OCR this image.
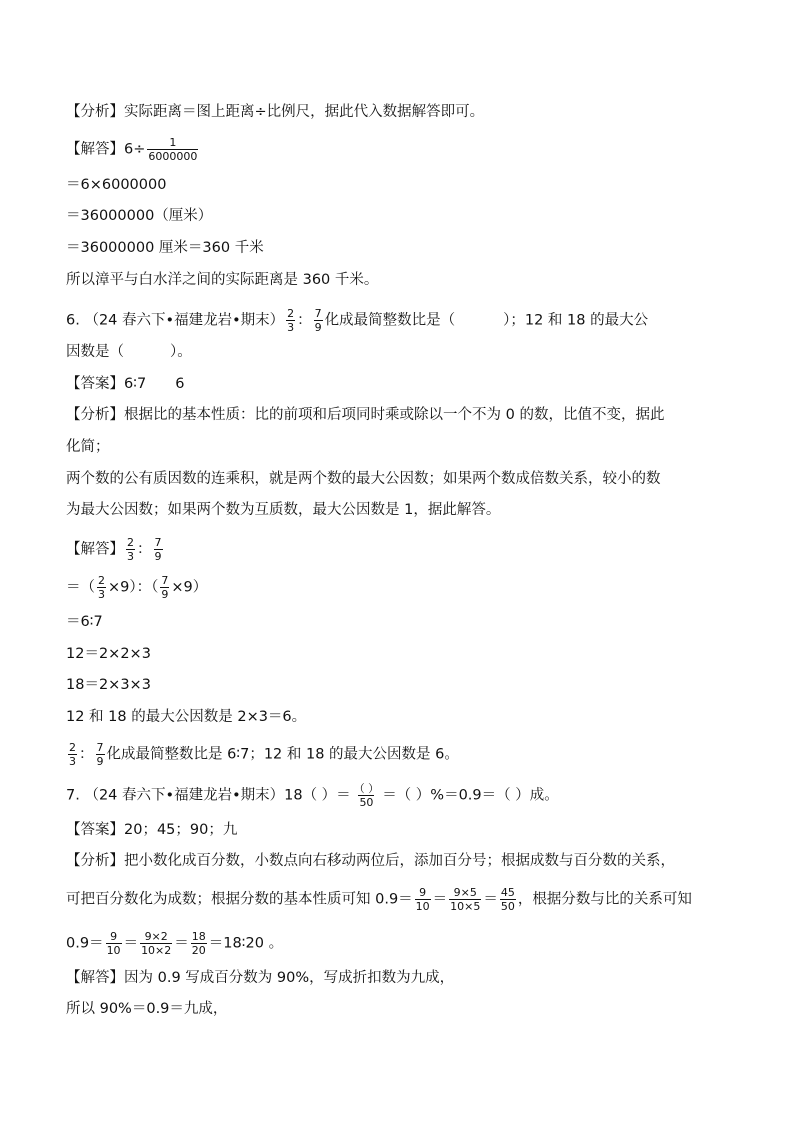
【分析】实际距离＝图上距离÷比例尺，据此代入数据解答即可。
【解答】$6\div \frac{1}{6000000}$
＝6×6000000
＝36000000（厘米）
＝36000000 厘米＝360 千米
所以漳平与白水洋之间的实际距离是 360 千米。
6. （24 春六下•福建龙岩•期末） $\frac{2}{3}$ ： $\frac{7}{9}$ 化成最简整数比是（	）；12 和 18 的最大公
因数是（	）。
【答案】6∶7　　6
【分析】根据比的基本性质：比的前项和后项同时乘或除以一个不为 0 的数，比值不变，据此
化简；
两个数的公有质因数的连乘积，就是两个数的最大公因数；如果两个数成倍数关系，较小的数
为最大公因数；如果两个数为互质数，最大公因数是 1，据此解答。
【解答】 $\frac{2}{3}$ ： $\frac{7}{9}$
＝（ $\frac{2}{3} \times 9$）：（ $\frac{7}{9} \times 9$）
＝6∶7
12＝2×2×3
18＝2×3×3
12 和 18 的最大公因数是 2×3＝6。
$\frac{2}{3}$ ： $\frac{7}{9}$ 化成最简整数比是 6∶7；12 和 18 的最大公因数是 6。
7. （24 春六下•福建龙岩•期末）18（ ）＝ $\frac{( )}{50}$ ＝（ ）%＝0.9＝（ ）成。
【答案】20；45；90；九
【分析】把小数化成百分数，小数点向右移动两位后，添加百分号；根据成数与百分数的关系，
可把百分数化为成数；根据分数的基本性质可知 $0.9= \frac{9}{10} = \frac{9\times 5}{10\times 5} = \frac{45}{50}$ ，根据分数与比的关系可知
$0.9= \frac{9}{10} = \frac{9\times 2}{10\times 2} = \frac{18}{20}$ ＝18∶20 。
【解答】因为 0.9 写成百分数为 90%，写成折扣数为九成，
所以 90%＝0.9＝九成，
